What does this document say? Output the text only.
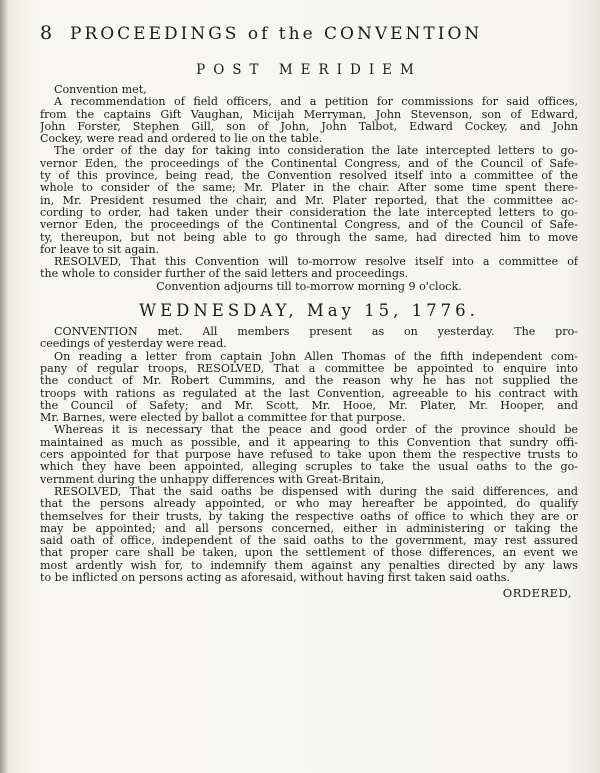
8 PROCEEDINGS of the CONVENTION
POST MERIDIEM

Convention met,

A recommendation of field officers, and a petition for commissions for said offices,
from the captains Gift Vaughan, Micijah Merryman, John Stevenson, son of Edward,
John Forster, Stephen Gill, son of John, John Talbot, Edward Cockey, and John
Cockey, were read and ordered to lie on the table.

The order of the day for taking into consideration the late intercepted letters to go-
vernor Eden, the proceedings of the Continental Congress, and of the Council of Safe-
ty of this province, being read, the Convention resolved itself into a committee of the
whole to consider of the same; Mr. Plater in the chair. After some time spent there-
in, Mr. President resumed the chair, and Mr. Plater reported, that the committee ac-
cording to order, had taken under their consideration the late intercepted letters to go-
vernor Eden, the proceedings of the Continental Congress, and of the Council of Safe-
ty, thereupon, but not being able to go through the same, had directed him to move
for leave to sit again.

RESOLVED, That this Convention will to-morrow resolve itself into a committee of
the whole to consider further of the said letters and proceedings.

Convention adjourns till to-morrow morning 9 o'clock.

WEDNESDAY, May 15, 1776.

CONVENTION met. All members present as on yesterday. The pro-
ceedings of yesterday were read.

On reading a letter from captain John Allen Thomas of the fifth independent com-
pany of regular troops, RESOLVED, That a committee be appointed to enquire into
the conduct of Mr. Robert Cummins, and the reason why he has not supplied the
troops with rations as regulated at the last Convention, agreeable to his contract with
the Council of Safety; and Mr. Scott, Mr. Hooe, Mr. Plater, Mr. Hooper, and
Mr. Barnes, were elected by ballot a committee for that purpose.

Whereas it is necessary that the peace and good order of the province should be
maintained as much as possible, and it appearing to this Convention that sundry offi-
cers appointed for that purpose have refused to take upon them the respective trusts to
which they have been appointed, alleging scruples to take the usual oaths to the go-
vernment during the unhappy differences with Great-Britain,

RESOLVED, That the said oaths be dispensed with during the said differences, and
that the persons already appointed, or who may hereafter be appointed, do qualify
themselves for their trusts, by taking the respective oaths of office to which they are or
may be appointed; and all persons concerned, either in administering or taking the
said oath of office, independent of the said oaths to the government, may rest assured
that proper care shall be taken, upon the settlement of those differences, an event we
most ardently wish for, to indemnify them against any penalties directed by any laws
to be inflicted on persons acting as aforesaid, without having first taken said oaths.

ORDERED,
